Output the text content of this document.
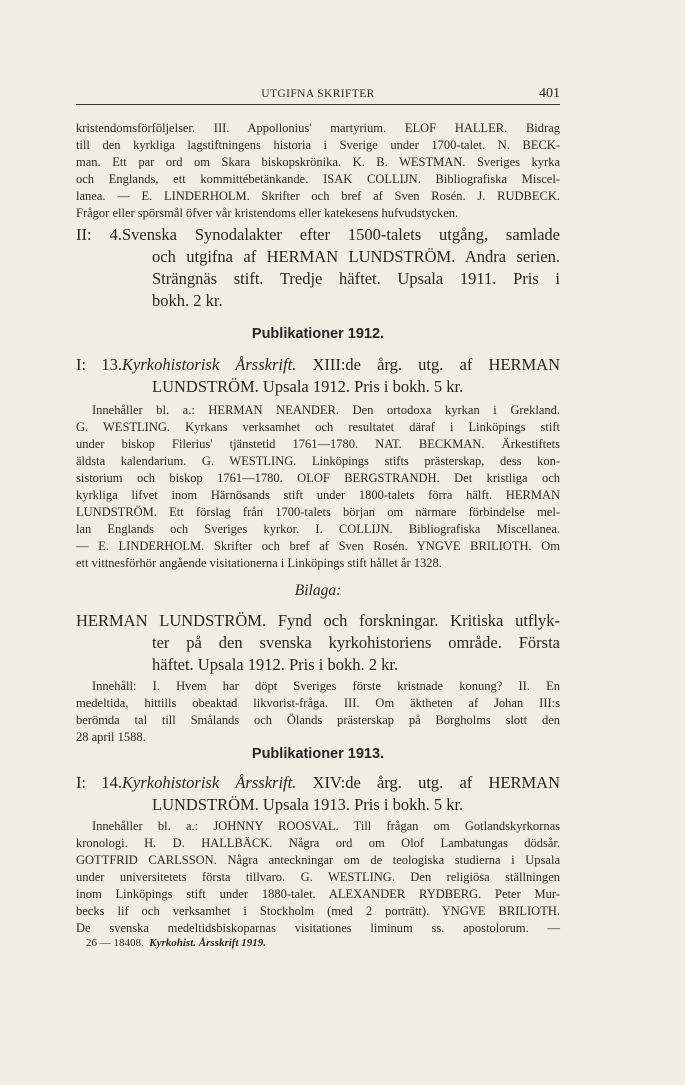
UTGIFNA SKRIFTER	401
kristendomsförföljelser. III. Appollonius' martyrium. ELOF HALLER. Bidrag
till den kyrkliga lagstiftningens historia i Sverige under 1700-talet. N. BECK-
man. Ett par ord om Skara biskopskrönika. K. B. WESTMAN. Sveriges kyrka
och Englands, ett kommittébetänkande. ISAK COLLIJN. Bibliografiska Miscel-
lanea. — E. LINDERHOLM. Skrifter och bref af Sven Rosén. J. RUDBECK.
Frågor eller spörsmål öfver vår kristendoms eller katekesens hufvudstycken.
II: 4.Svenska Synodalakter efter 1500-talets utgång, samlade
och utgifna af HERMAN LUNDSTRÖM. Andra serien.
Strängnäs stift. Tredje häftet. Upsala 1911. Pris i
bokh. 2 kr.
Publikationer 1912.
I: 13.Kyrkohistorisk Årsskrift. XIII:de årg. utg. af HERMAN
LUNDSTRÖM. Upsala 1912. Pris i bokh. 5 kr.
Innehåller bl. a.: HERMAN NEANDER. Den ortodoxa kyrkan i Grekland.
G. WESTLING. Kyrkans verksamhet och resultatet däraf i Linköpings stift
under biskop Filerius' tjänstetid 1761—1780. NAT. BECKMAN. Ärkestiftets
äldsta kalendarium. G. WESTLING. Linköpings stifts prästerskap, dess kon-
sistorium och biskop 1761—1780. OLOF BERGSTRANDH. Det kristliga och
kyrkliga lifvet inom Härnösands stift under 1800-talets förra hälft. HERMAN
LUNDSTRÖM. Ett förslag från 1700-talets början om närmare förbindelse mel-
lan Englands och Sveriges kyrkor. I. COLLIJN. Bibliografiska Miscellanea.
— E. LINDERHOLM. Skrifter och bref af Sven Rosén. YNGVE BRILIOTH. Om
ett vittnesförhör angående visitationerna i Linköpings stift hållet år 1328.
Bilaga:
HERMAN LUNDSTRÖM. Fynd och forskningar. Kritiska utflyk-
ter på den svenska kyrkohistoriens område. Första
häftet. Upsala 1912. Pris i bokh. 2 kr.
Innehåll: I. Hvem har döpt Sveriges förste kristnade konung? II. En
medeltida, hittills obeaktad likvorist-fråga. III. Om äktheten af Johan III:s
berömda tal till Smålands och Ölands prästerskap på Borgholms slott den
28 april 1588.
Publikationer 1913.
I: 14.Kyrkohistorisk Årsskrift. XIV:de årg. utg. af HERMAN
LUNDSTRÖM. Upsala 1913. Pris i bokh. 5 kr.
Innehåller bl. a.: JOHNNY ROOSVAL. Till frågan om Gotlandskyrkornas
kronologi. H. D. HALLBÄCK. Några ord om Olof Lambatungas dödsår.
GOTTFRID CARLSSON. Några anteckningar om de teologiska studierna i Upsala
under universitetets första tillvaro. G. WESTLING. Den religiösa ställningen
inom Linköpings stift under 1880-talet. ALEXANDER RYDBERG. Peter Mur-
becks lif och verksamhet i Stockholm (med 2 porträtt). YNGVE BRILIOTH.
De svenska medeltidsbiskoparnas visitationes liminum ss. apostolorum. —
26 — 18408. Kyrkohist. Årsskrift 1919.
